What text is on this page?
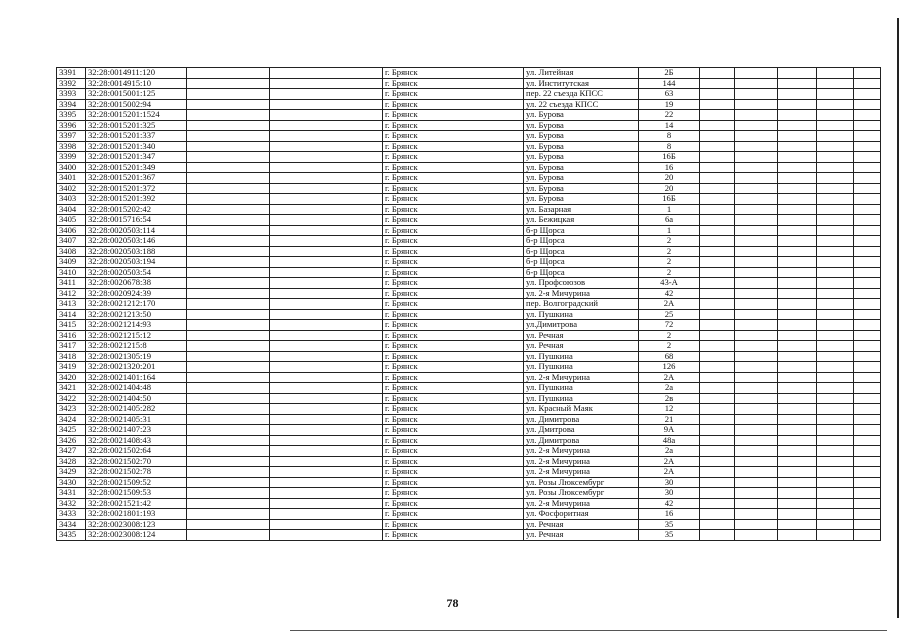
3391	32:28:0014911:120			г. Брянск	ул. Литейная	2Б					
3392	32:28:0014915:10			г. Брянск	ул. Институтская	144					
3393	32:28:0015001:125			г. Брянск	пер. 22 съезда КПСС	63					
3394	32:28:0015002:94			г. Брянск	ул. 22 съезда КПСС	19					
3395	32:28:0015201:1524			г. Брянск	ул. Бурова	22					
3396	32:28:0015201:325			г. Брянск	ул. Бурова	14					
3397	32:28:0015201:337			г. Брянск	ул. Бурова	8					
3398	32:28:0015201:340			г. Брянск	ул. Бурова	8					
3399	32:28:0015201:347			г. Брянск	ул. Бурова	16Б					
3400	32:28:0015201:349			г. Брянск	ул. Бурова	16					
3401	32:28:0015201:367			г. Брянск	ул. Бурова	20					
3402	32:28:0015201:372			г. Брянск	ул. Бурова	20					
3403	32:28:0015201:392			г. Брянск	ул. Бурова	16Б					
3404	32:28:0015202:42			г. Брянск	ул. Базарная	1					
3405	32:28:0015716:54			г. Брянск	ул. Бежицкая	6а					
3406	32:28:0020503:114			г. Брянск	б-р Щорса	1					
3407	32:28:0020503:146			г. Брянск	б-р Щорса	2					
3408	32:28:0020503:188			г. Брянск	б-р Щорса	2					
3409	32:28:0020503:194			г. Брянск	б-р Щорса	2					
3410	32:28:0020503:54			г. Брянск	б-р Щорса	2					
3411	32:28:0020678:38			г. Брянск	ул. Профсоюзов	43-А					
3412	32:28:0020924:39			г. Брянск	ул. 2-я Мичурина	42					
3413	32:28:0021212:170			г. Брянск	пер. Волгоградский	2А					
3414	32:28:0021213:50			г. Брянск	ул. Пушкина	25					
3415	32:28:0021214:93			г. Брянск	ул.Димитрова	72					
3416	32:28:0021215:12			г. Брянск	ул. Речная	2					
3417	32:28:0021215:8			г. Брянск	ул. Речная	2					
3418	32:28:0021305:19			г. Брянск	ул. Пушкина	68					
3419	32:28:0021320:201			г. Брянск	ул. Пушкина	126					
3420	32:28:0021401:164			г. Брянск	ул. 2-я Мичурина	2А					
3421	32:28:0021404:48			г. Брянск	ул. Пушкина	2а					
3422	32:28:0021404:50			г. Брянск	ул. Пушкина	2в					
3423	32:28:0021405:282			г. Брянск	ул. Красный Маяк	12					
3424	32:28:0021405:31			г. Брянск	ул. Димитрова	21					
3425	32:28:0021407:23			г. Брянск	ул. Дмитрова	9А					
3426	32:28:0021408:43			г. Брянск	ул. Димитрова	48а					
3427	32:28:0021502:64			г. Брянск	ул. 2-я Мичурина	2а					
3428	32:28:0021502:70			г. Брянск	ул. 2-я Мичурина	2А					
3429	32:28:0021502:78			г. Брянск	ул. 2-я Мичурина	2А					
3430	32:28:0021509:52			г. Брянск	ул. Розы Люксембург	30					
3431	32:28:0021509:53			г. Брянск	ул. Розы Люксембург	30					
3432	32:28:0021521:42			г. Брянск	ул. 2-я Мичурина	42					
3433	32:28:0021801:193			г. Брянск	ул. Фосфоритная	16					
3434	32:28:0023008:123			г. Брянск	ул. Речная	35					
3435	32:28:0023008:124			г. Брянск	ул. Речная	35					
78
